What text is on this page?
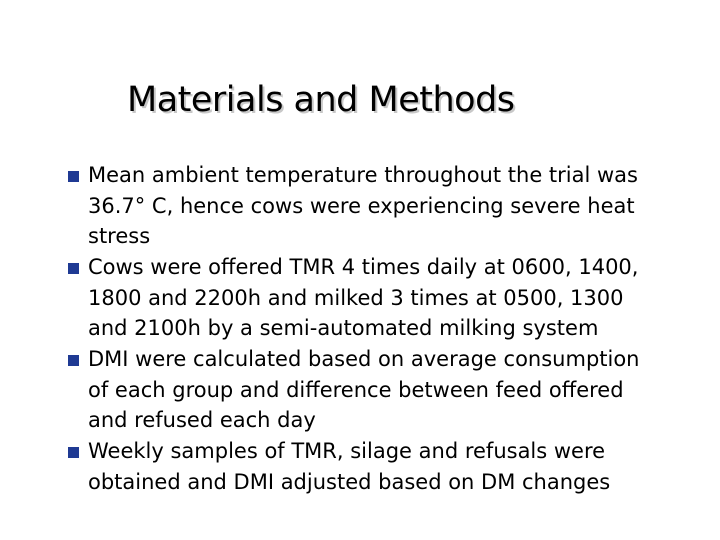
Materials and Methods
Mean ambient temperature throughout the trial was
36.7° C, hence cows were experiencing severe heat
stress
Cows were offered TMR 4 times daily at 0600, 1400,
1800 and 2200h and milked 3 times at 0500, 1300
and 2100h by a semi-automated milking system
DMI were calculated based on average consumption
of each group and difference between feed offered
and refused each day
Weekly samples of TMR, silage and refusals were
obtained and DMI adjusted based on DM changes
